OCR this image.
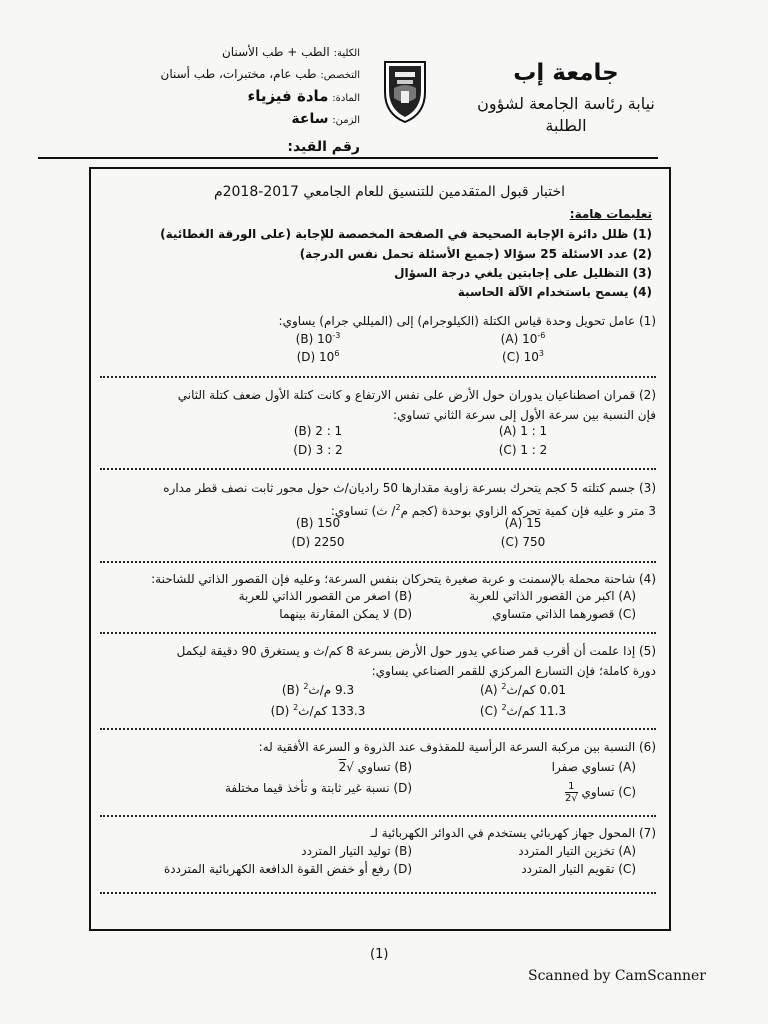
جامعة إب
نيابة رئاسة الجامعة لشؤون
الطلبة
الكلية: الطب + طب الأسنان
التخصص: طب عام، مختبرات، طب أسنان
المادة: مادة فيزياء
الزمن: ساعة
رقم القيد:
اختبار قبول المتقدمين للتنسيق للعام الجامعي 2017-2018م
تعليمات هامة:
(1) ظلل دائرة الإجابة الصحيحة في الصفحة المخصصة للإجابة (على الورقة الغطائية)
(2) عدد الاسئلة 25 سؤالا (جميع الأسئلة تحمل نفس الدرجة)
(3) التظليل على إجابتين يلغي درجة السؤال
(4) يسمح باستخدام الآلة الحاسبة
(1) عامل تحويل وحدة قياس الكتلة (الكيلوجرام) إلى (الميللي جرام) يساوي:
$10^{-6}$ (A)
$10^{-3}$ (B)
$10^3$ (C)
$10^6$ (D)
(2) قمران اصطناعيان يدوران حول الأرض على نفس الارتفاع و كانت كتلة الأول ضعف كتلة الثاني
فإن النسبة بين سرعة الأول إلى سرعة الثاني تساوي:
1 : 1 (A)
1 : 2 (B)
2 : 1 (C)
2 : 3 (D)
(3) جسم كتلته 5 كجم يتحرك بسرعة زاوية مقدارها 50 راديان/ث حول محور ثابت نصف قطر مداره
3 متر و عليه فإن كمية تحركه الزاوي بوحدة (كجم م$^2$/ ث) تساوي:
15 (A)
150 (B)
750 (C)
2250 (D)
(4) شاحنة محملة بالإسمنت و عربة صغيرة يتحركان بنفس السرعة؛ وعليه فإن القصور الذاتي للشاحنة:
(A) اكبر من القصور الذاتي للعربة
(B) اصغر من القصور الذاتي للعربة
(C) قصورهما الذاتي متساوي
(D) لا يمكن المقارنة بينهما
(5) إذا علمت أن أقرب قمر صناعي يدور حول الأرض بسرعة 8 كم/ث و يستغرق 90 دقيقة ليكمل
دورة كاملة؛ فإن التسارع المركزي للقمر الصناعي يساوي:
0.01 كم/ث$^2$ (A)
9.3 م/ث$^2$ (B)
11.3 كم/ث$^2$ (C)
133.3 كم/ث$^2$ (D)
(6) النسبة بين مركبة السرعة الرأسية للمقذوف عند الذروة و السرعة الأفقية له:
(A) تساوي صفرا
(B) تساوي √2
(C) تساوي
$\frac{1}{√2}$
(D) نسبة غير ثابتة و تأخذ قيما مختلفة
(7) المحول جهاز كهربائي يستخدم في الدوائر الكهربائية لـ
(A) تخزين التيار المتردد
(B) توليد التيار المتردد
(C) تقويم التيار المتردد
(D) رفع أو خفض القوة الدافعة الكهربائية المترددة
(1)
Scanned by CamScanner
